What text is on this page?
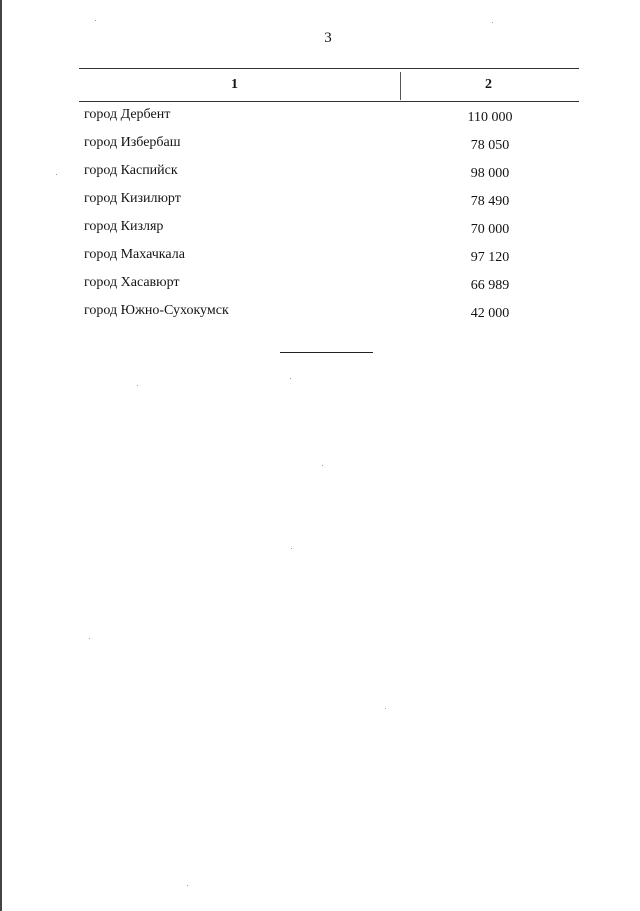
3
1	2
город Дербент	110 000
город Избербаш	78 050
город Каспийск	98 000
город Кизилюрт	78 490
город Кизляр	70 000
город Махачкала	97 120
город Хасавюрт	66 989
город Южно-Сухокумск	42 000
